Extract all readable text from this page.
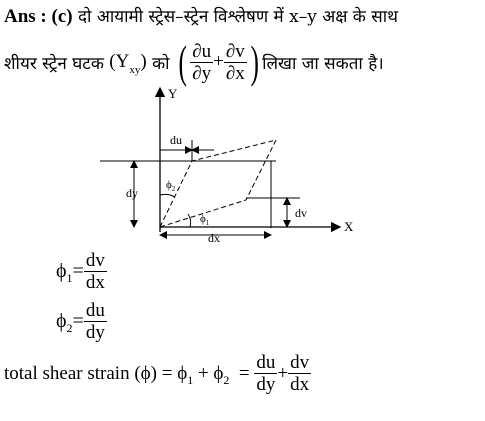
Ans : (c) दो आयामी स्ट्रेस–स्ट्रेन विश्लेषण में x–y अक्ष के साथ
शीयर स्ट्रेन घटक
$(Y_{xy})$
को
( $\frac{\partial u}{\partial y} + \frac{\partial v}{\partial x}$ ) लिखा जा सकता है।
Y
X
du
dy
dv
dx
$\phi_2$
$\phi_1$
$\phi_1 = \frac{dv}{dx}$
$\phi_2 = \frac{du}{dy}$
total shear strain $(\phi) = \phi_1 + \phi_2$
=
$\frac{du}{dy} + \frac{dv}{dx}$
